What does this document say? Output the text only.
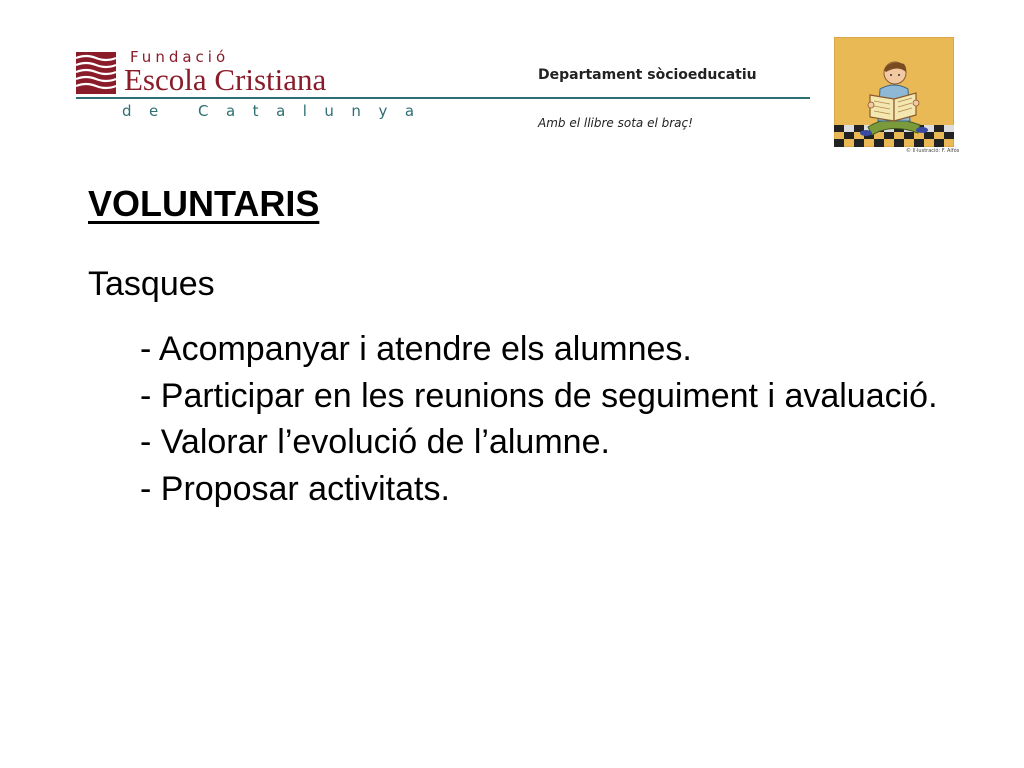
Fundació
Escola Cristiana
de Catalunya
Departament sòcioeducatiu
Amb el llibre sota el braç!
© Il·lustració: F. Alfós
VOLUNTARIS
Tasques
- Acompanyar i atendre els alumnes.
- Participar en les reunions de seguiment i avaluació.
- Valorar l’evolució de l’alumne.
- Proposar activitats.
